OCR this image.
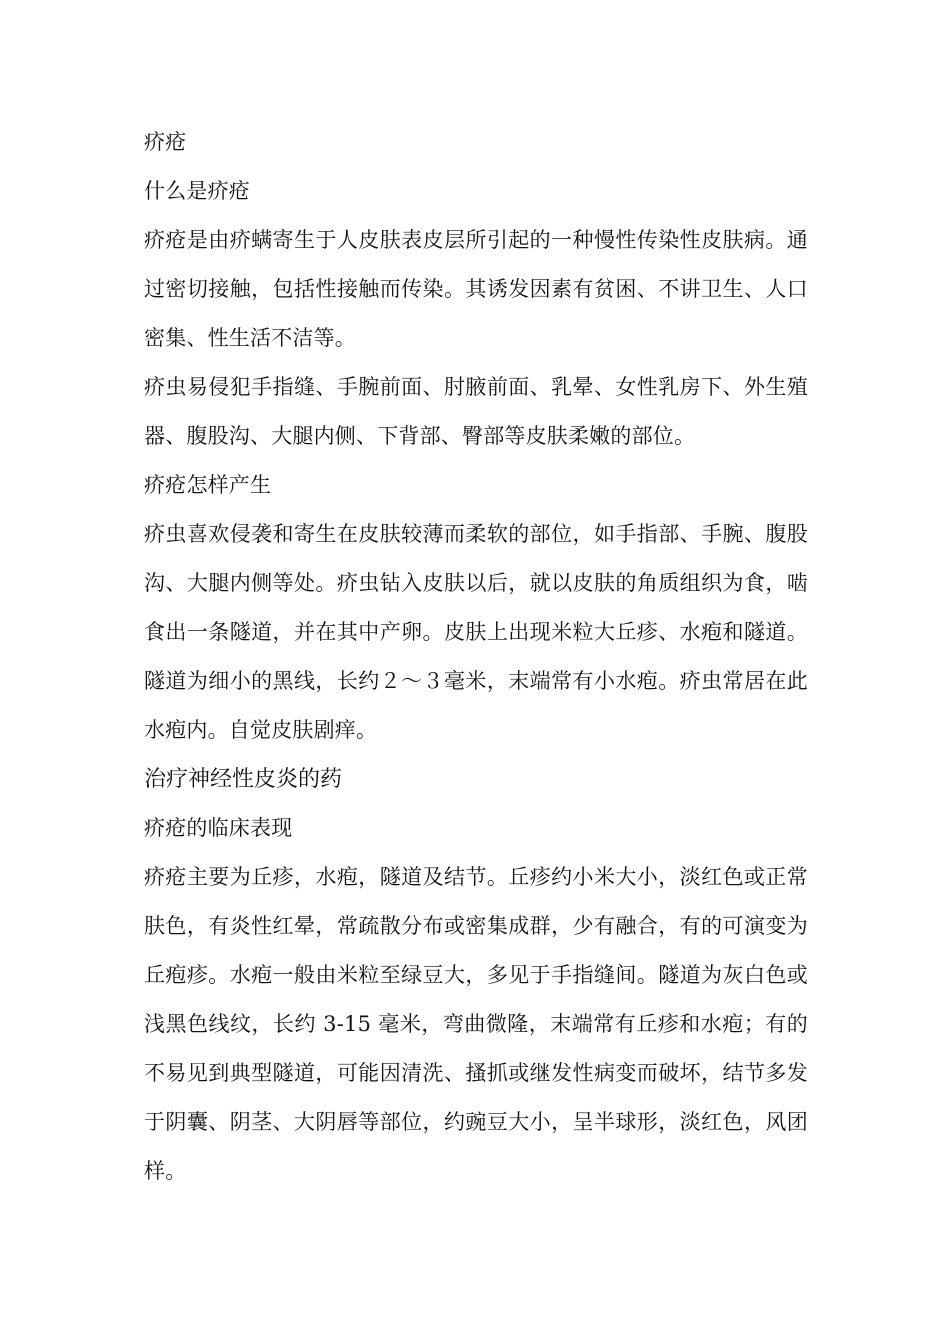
疥疮

什么是疥疮

疥疮是由疥螨寄生于人皮肤表皮层所引起的一种慢性传染性皮肤病。通过密切接触，包括性接触而传染。其诱发因素有贫困、不讲卫生、人口密集、性生活不洁等。

疥虫易侵犯手指缝、手腕前面、肘腋前面、乳晕、女性乳房下、外生殖器、腹股沟、大腿内侧、下背部、臀部等皮肤柔嫩的部位。

疥疮怎样产生

疥虫喜欢侵袭和寄生在皮肤较薄而柔软的部位，如手指部、手腕、腹股沟、大腿内侧等处。疥虫钻入皮肤以后，就以皮肤的角质组织为食，啮食出一条隧道，并在其中产卵。皮肤上出现米粒大丘疹、水疱和隧道。隧道为细小的黑线，长约２～３毫米，末端常有小水疱。疥虫常居在此水疱内。自觉皮肤剧痒。

治疗神经性皮炎的药

疥疮的临床表现

疥疮主要为丘疹，水疱，隧道及结节。丘疹约小米大小，淡红色或正常肤色，有炎性红晕，常疏散分布或密集成群，少有融合，有的可演变为丘疱疹。水疱一般由米粒至绿豆大，多见于手指缝间。隧道为灰白色或浅黑色线纹，长约 3-15 毫米，弯曲微隆，末端常有丘疹和水疱；有的不易见到典型隧道，可能因清洗、搔抓或继发性病变而破坏，结节多发于阴囊、阴茎、大阴唇等部位，约豌豆大小，呈半球形，淡红色，风团样。
